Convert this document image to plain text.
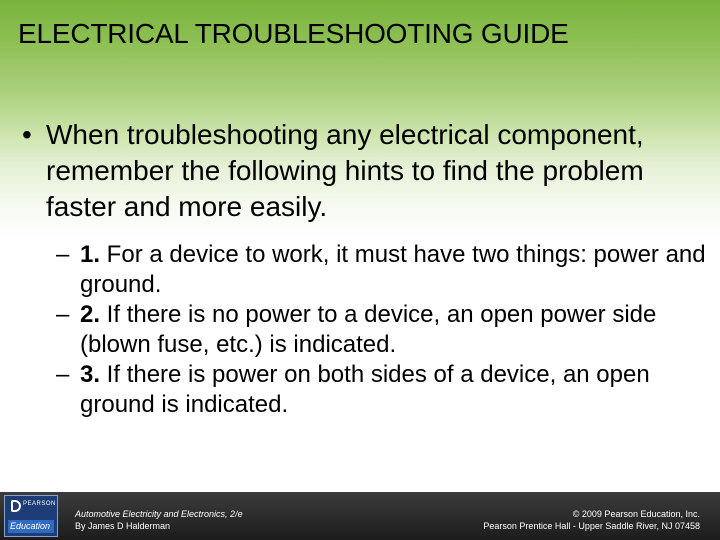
ELECTRICAL TROUBLESHOOTING GUIDE
• When troubleshooting any electrical component, remember the following hints to find the problem faster and more easily.
– 1. For a device to work, it must have two things: power and ground.
– 2. If there is no power to a device, an open power side (blown fuse, etc.) is indicated.
– 3. If there is power on both sides of a device, an open ground is indicated.
PEARSON
Education
Automotive Electricity and Electronics, 2/e
By James D Halderman
© 2009 Pearson Education, Inc.
Pearson Prentice Hall - Upper Saddle River, NJ 07458
